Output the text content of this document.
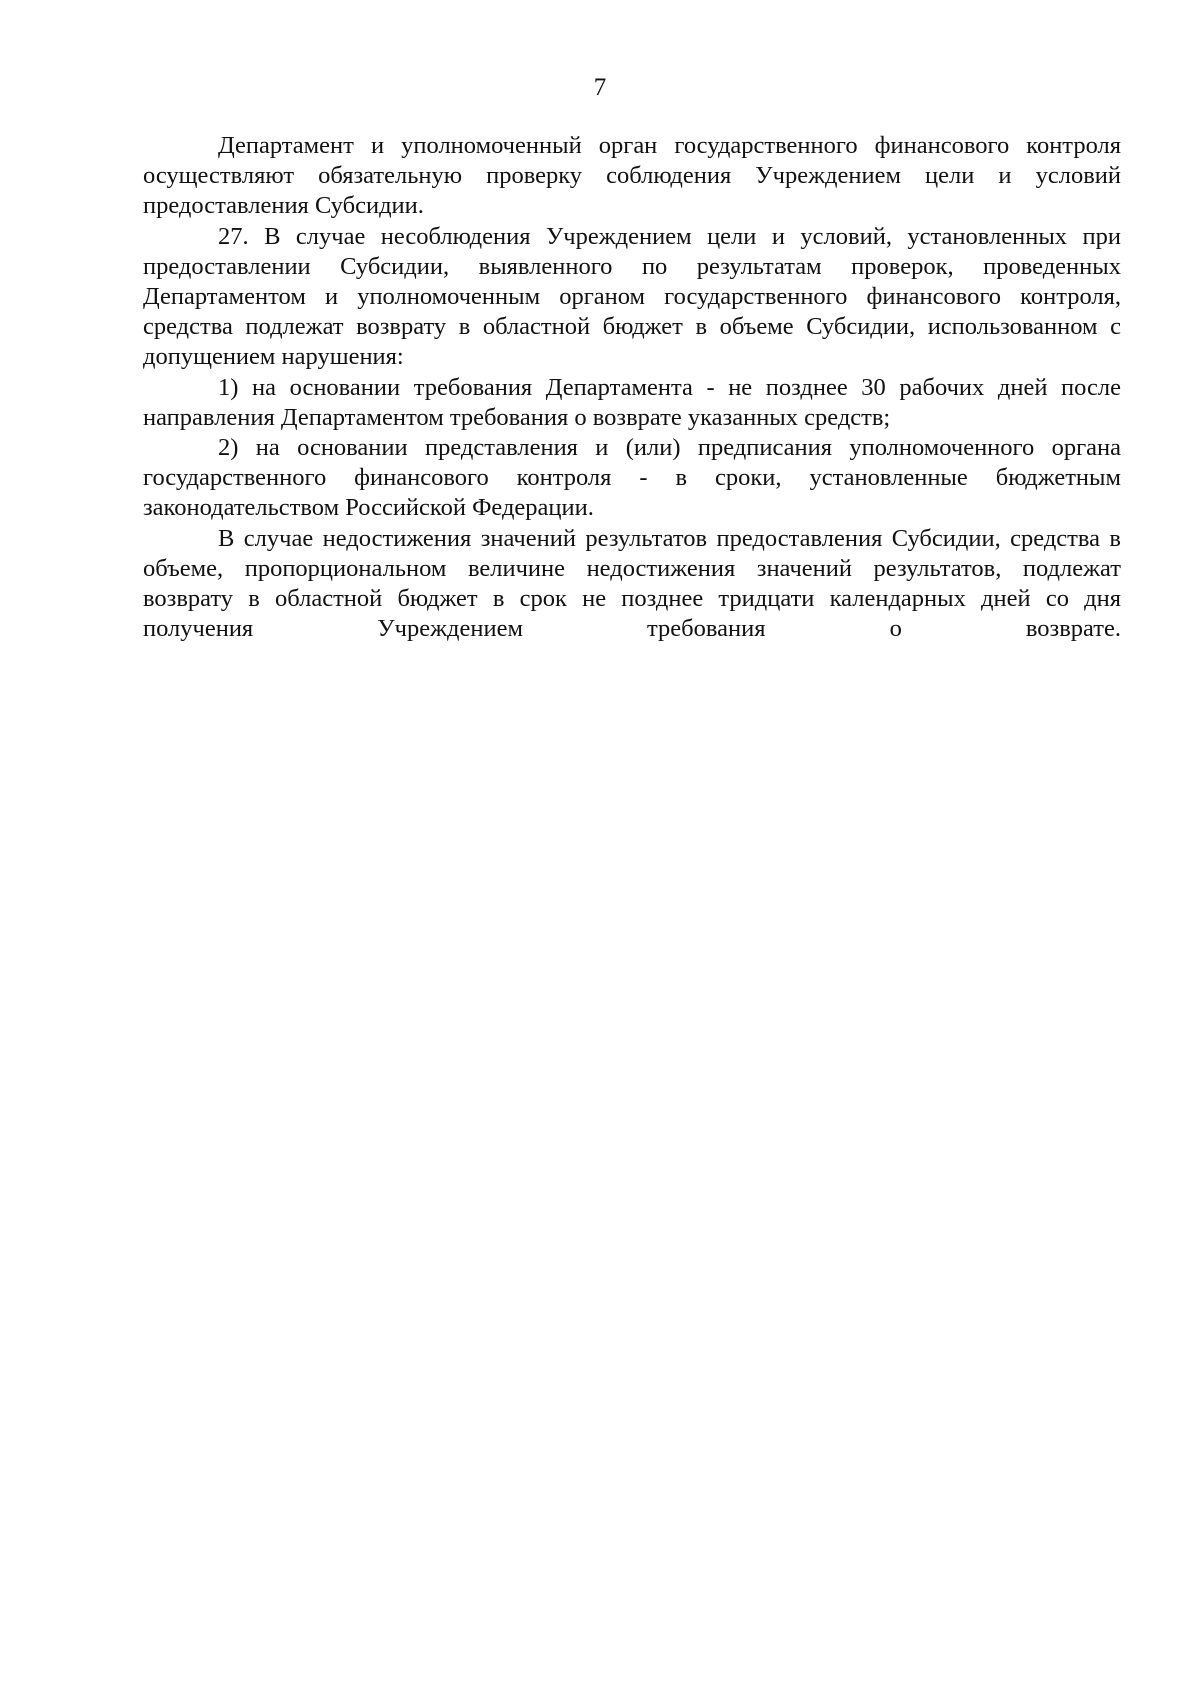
7

Департамент и уполномоченный орган государственного финансового контроля осуществляют обязательную проверку соблюдения Учреждением цели и условий предоставления Субсидии.

27. В случае несоблюдения Учреждением цели и условий, установленных при предоставлении Субсидии, выявленного по результатам проверок, проведенных Департаментом и уполномоченным органом государственного финансового контроля, средства подлежат возврату в областной бюджет в объеме Субсидии, использованном с допущением нарушения:

1) на основании требования Департамента - не позднее 30 рабочих дней после направления Департаментом требования о возврате указанных средств;

2) на основании представления и (или) предписания уполномоченного органа государственного финансового контроля - в сроки, установленные бюджетным законодательством Российской Федерации.

В случае недостижения значений результатов предоставления Субсидии, средства в объеме, пропорциональном величине недостижения значений результатов, подлежат возврату в областной бюджет в срок не позднее тридцати календарных дней со дня получения Учреждением требования о возврате.
